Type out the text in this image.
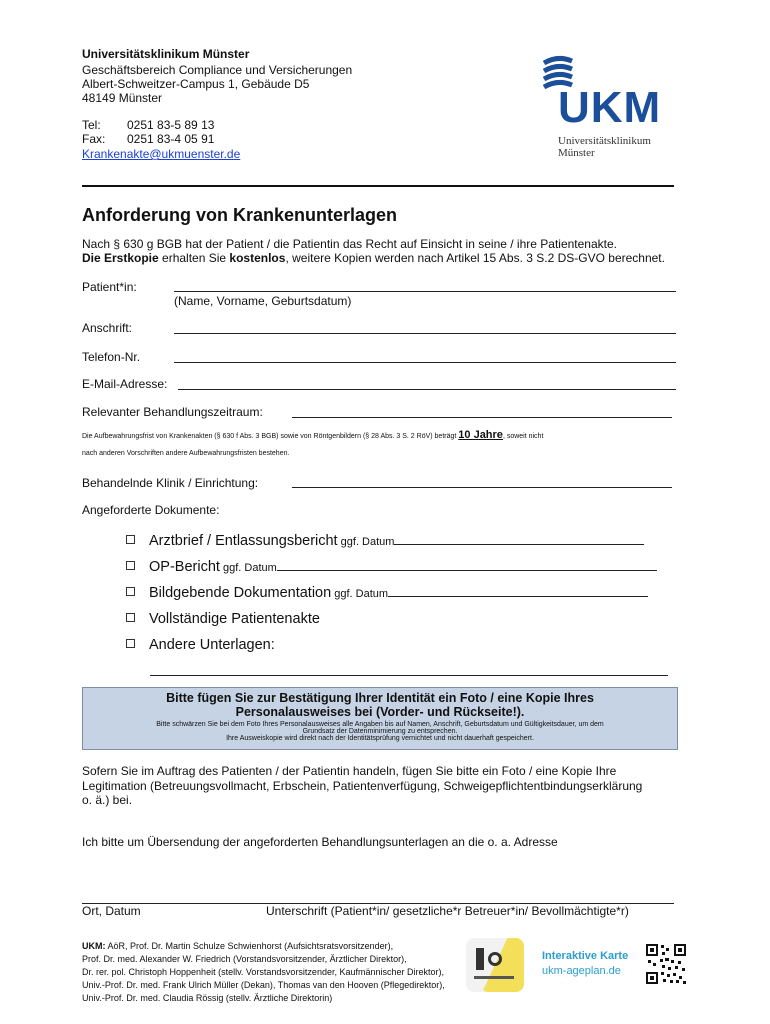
Universitätsklinikum Münster
Geschäftsbereich Compliance und Versicherungen
Albert-Schweitzer-Campus 1, Gebäude D5
48149 Münster
Tel: 0251 83-5 89 13
Fax: 0251 83-4 05 91
Krankenakte@ukmuenster.de
UKM
Universitätsklinikum
Münster
Anforderung von Krankenunterlagen
Nach § 630 g BGB hat der Patient / die Patientin das Recht auf Einsicht in seine / ihre Patientenakte.
Die Erstkopie erhalten Sie kostenlos, weitere Kopien werden nach Artikel 15 Abs. 3 S.2 DS-GVO berechnet.
Patient*in:
(Name, Vorname, Geburtsdatum)
Anschrift:
Telefon-Nr.
E-Mail-Adresse:
Relevanter Behandlungszeitraum:
Die Aufbewahrungsfrist von Krankenakten (§ 630 f Abs. 3 BGB) sowie von Röntgenbildern (§ 28 Abs. 3 S. 2 RöV) beträgt 10 Jahre, soweit nicht
nach anderen Vorschriften andere Aufbewahrungsfristen bestehen.
Behandelnde Klinik / Einrichtung:
Angeforderte Dokumente:
Arztbrief / Entlassungsbericht ggf. Datum
OP-Bericht ggf. Datum
Bildgebende Dokumentation ggf. Datum
Vollständige Patientenakte
Andere Unterlagen:
Bitte fügen Sie zur Bestätigung Ihrer Identität ein Foto / eine Kopie Ihres
Personalausweises bei (Vorder- und Rückseite!).
Bitte schwärzen Sie bei dem Foto Ihres Personalausweises alle Angaben bis auf Namen, Anschrift, Geburtsdatum und Gültigkeitsdauer, um dem
Grundsatz der Datenminimierung zu entsprechen.
Ihre Ausweiskopie wird direkt nach der Identitätsprüfung vernichtet und nicht dauerhaft gespeichert.
Sofern Sie im Auftrag des Patienten / der Patientin handeln, fügen Sie bitte ein Foto / eine Kopie Ihre
Legitimation (Betreuungsvollmacht, Erbschein, Patientenverfügung, Schweigepflichtentbindungserklärung
o. ä.) bei.
Ich bitte um Übersendung der angeforderten Behandlungsunterlagen an die o. a. Adresse
Ort, Datum	Unterschrift (Patient*in/ gesetzliche*r Betreuer*in/ Bevollmächtigte*r)
UKM: AöR, Prof. Dr. Martin Schulze Schwienhorst (Aufsichtsratsvorsitzender),
Prof. Dr. med. Alexander W. Friedrich (Vorstandsvorsitzender, Ärztlicher Direktor),
Dr. rer. pol. Christoph Hoppenheit (stellv. Vorstandsvorsitzender, Kaufmännischer Direktor),
Univ.-Prof. Dr. med. Frank Ulrich Müller (Dekan), Thomas van den Hooven (Pflegedirektor),
Univ.-Prof. Dr. med. Claudia Rössig (stellv. Ärztliche Direktorin)
Interaktive Karte
ukm-ageplan.de
